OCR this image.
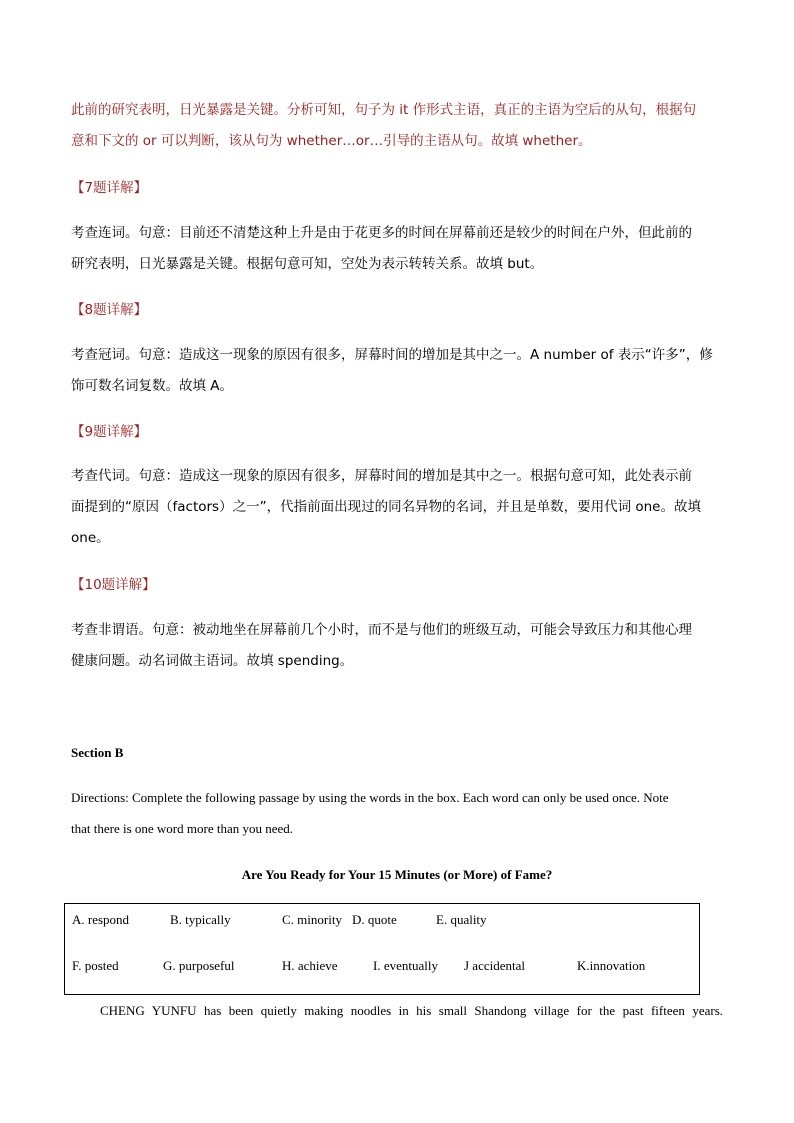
此前的研究表明，日光暴露是关键。分析可知，句子为 it 作形式主语，真正的主语为空后的从句，根据句
意和下文的 or 可以判断，该从句为 whether…or…引导的主语从句。故填 whether。

【7题详解】

考查连词。句意：目前还不清楚这种上升是由于花更多的时间在屏幕前还是较少的时间在户外，但此前的
研究表明，日光暴露是关键。根据句意可知，空处为表示转转关系。故填 but。

【8题详解】

考查冠词。句意：造成这一现象的原因有很多，屏幕时间的增加是其中之一。A number of 表示“许多”，修
饰可数名词复数。故填 A。

【9题详解】

考查代词。句意：造成这一现象的原因有很多，屏幕时间的增加是其中之一。根据句意可知，此处表示前
面提到的“原因（factors）之一”，代指前面出现过的同名异物的名词，并且是单数，要用代词 one。故填
one。

【10题详解】

考查非谓语。句意：被动地坐在屏幕前几个小时，而不是与他们的班级互动，可能会导致压力和其他心理
健康问题。动名词做主语词。故填 spending。

Section B

Directions: Complete the following passage by using the words in the box. Each word can only be used once. Note
that there is one word more than you need.

Are You Ready for Your 15 Minutes (or More) of Fame?
A. respond	B. typically	C. minority D. quote	E. quality
F. posted	G. purposeful	H. achieve	I. eventually J accidental	K.innovation
CHENG YUNFU has been quietly making noodles in his small Shandong village for the past fifteen years.
